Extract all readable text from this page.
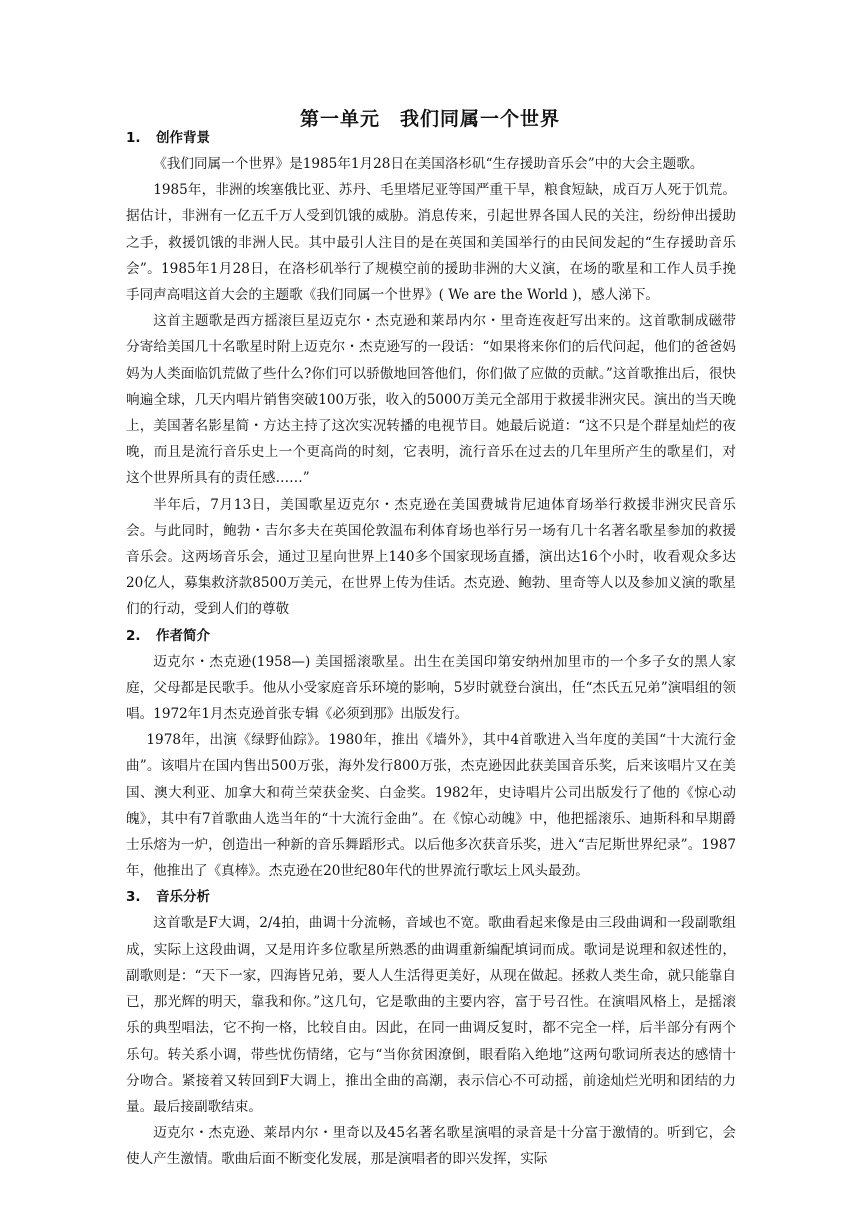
第一单元　我们同属一个世界
1.	创作背景

《我们同属一个世界》是1985年1月28日在美国洛杉矶“生存援助音乐会”中的大会主题歌。

1985年，非洲的埃塞俄比亚、苏丹、毛里塔尼亚等国严重干旱，粮食短缺，成百万人死于饥荒。据估计，非洲有一亿五千万人受到饥饿的威胁。消息传来，引起世界各国人民的关注，纷纷伸出援助之手，救援饥饿的非洲人民。其中最引人注目的是在英国和美国举行的由民间发起的“生存援助音乐会”。1985年1月28日，在洛杉矶举行了规模空前的援助非洲的大义演，在场的歌星和工作人员手挽手同声高唱这首大会的主题歌《我们同属一个世界》( We are the World )，感人涕下。

这首主题歌是西方摇滚巨星迈克尔・杰克逊和莱昂内尔・里奇连夜赶写出来的。这首歌制成磁带分寄给美国几十名歌星时附上迈克尔・杰克逊写的一段话：“如果将来你们的后代问起，他们的爸爸妈妈为人类面临饥荒做了些什么?你们可以骄傲地回答他们，你们做了应做的贡献。”这首歌推出后，很快响遍全球，几天内唱片销售突破100万张，收入的5000万美元全部用于救援非洲灾民。演出的当天晚上，美国著名影星简・方达主持了这次实况转播的电视节目。她最后说道：“这不只是个群星灿烂的夜晚，而且是流行音乐史上一个更高尚的时刻，它表明，流行音乐在过去的几年里所产生的歌星们，对这个世界所具有的责任感……”

半年后，7月13日，美国歌星迈克尔・杰克逊在美国费城肯尼迪体育场举行救援非洲灾民音乐会。与此同时，鲍勃・吉尔多夫在英国伦敦温布利体育场也举行另一场有几十名著名歌星参加的救援音乐会。这两场音乐会，通过卫星向世界上140多个国家现场直播，演出达16个小时，收看观众多达20亿人，募集救济款8500万美元，在世界上传为佳话。杰克逊、鲍勃、里奇等人以及参加义演的歌星们的行动，受到人们的尊敬

2.	作者简介

迈克尔・杰克逊(1958—) 美国摇滚歌星。出生在美国印第安纳州加里市的一个多子女的黑人家庭，父母都是民歌手。他从小受家庭音乐环境的影响，5岁时就登台演出，任“杰氏五兄弟”演唱组的领唱。1972年1月杰克逊首张专辑《必须到那》出版发行。

1978年，出演《绿野仙踪》。1980年，推出《墙外》，其中4首歌进入当年度的美国“十大流行金曲”。该唱片在国内售出500万张，海外发行800万张，杰克逊因此获美国音乐奖，后来该唱片又在美国、澳大利亚、加拿大和荷兰荣获金奖、白金奖。1982年，史诗唱片公司出版发行了他的《惊心动魄》，其中有7首歌曲人选当年的“十大流行金曲”。在《惊心动魄》中，他把摇滚乐、迪斯科和早期爵士乐熔为一炉，创造出一种新的音乐舞蹈形式。以后他多次获音乐奖，进入“吉尼斯世界纪录”。1987年，他推出了《真棒》。杰克逊在20世纪80年代的世界流行歌坛上风头最劲。

3.	音乐分析

这首歌是F大调，2/4拍，曲调十分流畅，音域也不宽。歌曲看起来像是由三段曲调和一段副歌组成，实际上这段曲调，又是用许多位歌星所熟悉的曲调重新编配填词而成。歌词是说理和叙述性的，副歌则是：“天下一家，四海皆兄弟，要人人生活得更美好，从现在做起。拯救人类生命，就只能靠自已，那光辉的明天，靠我和你。”这几句，它是歌曲的主要内容，富于号召性。在演唱风格上，是摇滚乐的典型唱法，它不拘一格，比较自由。因此，在同一曲调反复时，都不完全一样，后半部分有两个乐句。转关系小调，带些忧伤情绪，它与“当你贫困潦倒，眼看陷入绝地”这两句歌词所表达的感情十分吻合。紧接着又转回到F大调上，推出全曲的高潮，表示信心不可动摇，前途灿烂光明和团结的力量。最后接副歌结束。

迈克尔・杰克逊、莱昂内尔・里奇以及45名著名歌星演唱的录音是十分富于激情的。听到它，会使人产生激情。歌曲后面不断变化发展，那是演唱者的即兴发挥，实际
